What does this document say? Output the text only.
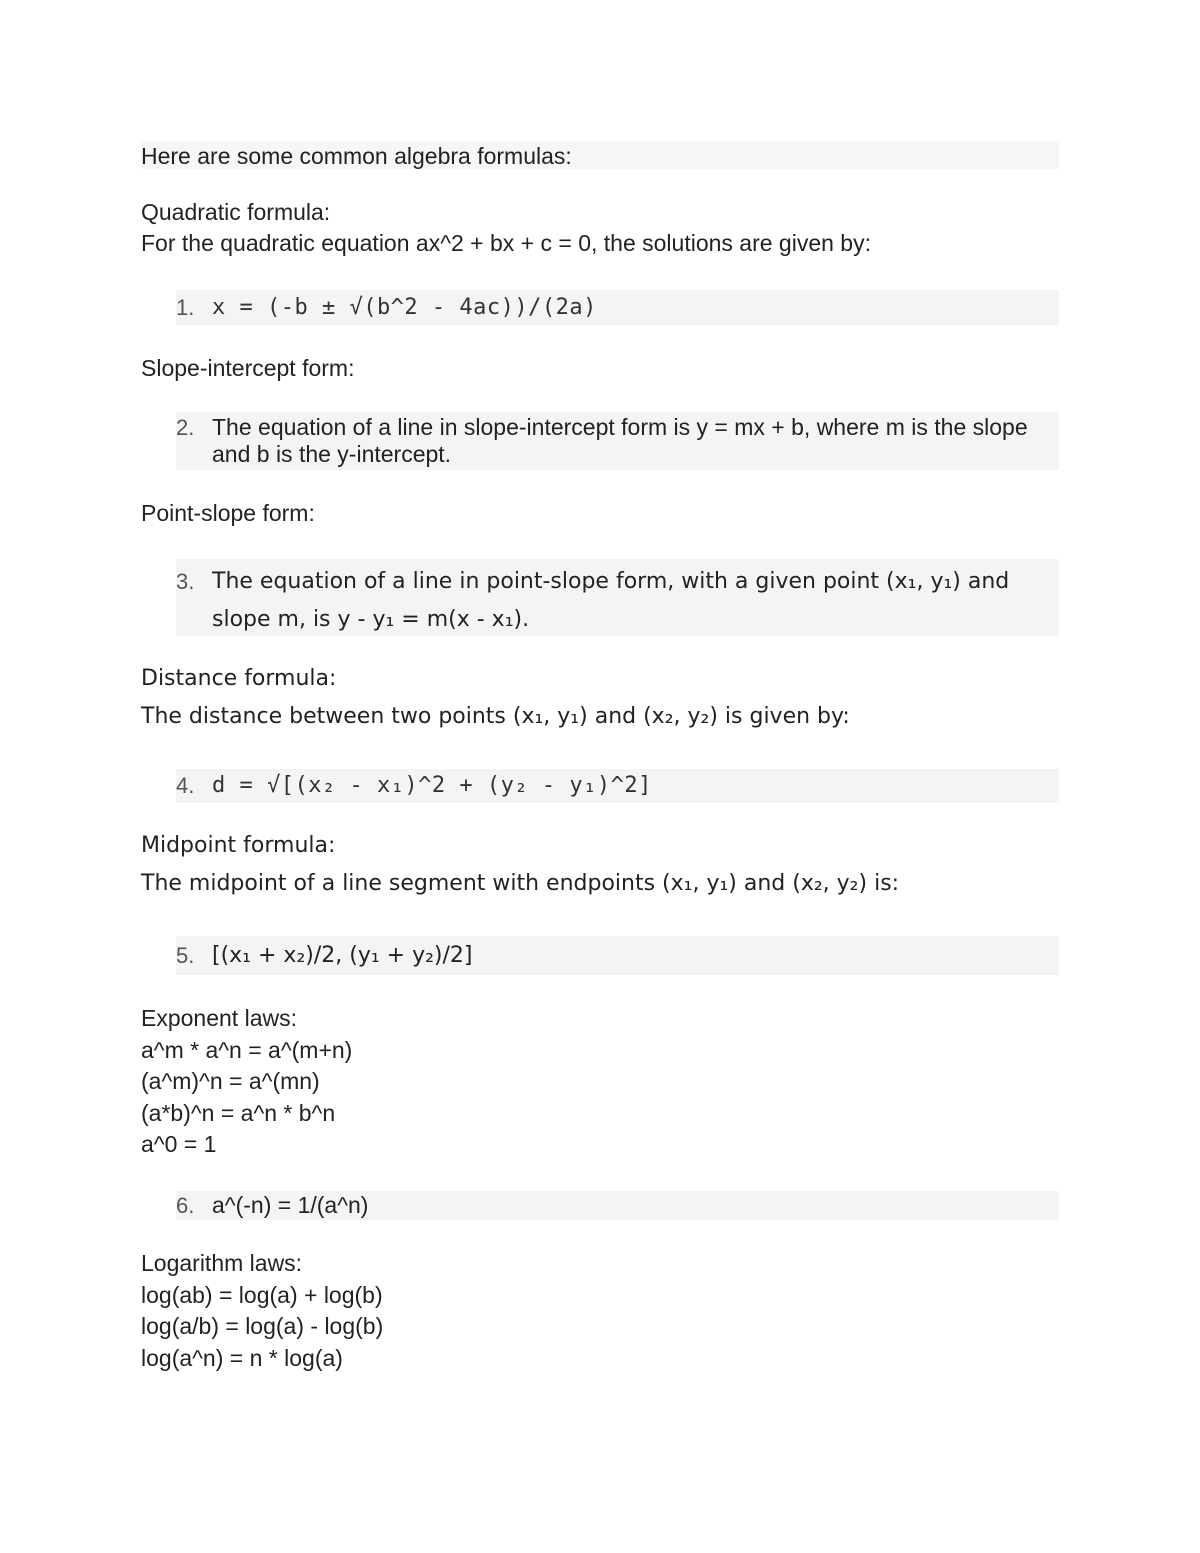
Here are some common algebra formulas:
Quadratic formula:
For the quadratic equation ax^2 + bx + c = 0, the solutions are given by:
1. x = (-b ± √(b^2 - 4ac))/(2a)
Slope-intercept form:
2. The equation of a line in slope-intercept form is y = mx + b, where m is the slope and b is the y-intercept.
Point-slope form:
3. The equation of a line in point-slope form, with a given point (x₁, y₁) and slope m, is y - y₁ = m(x - x₁).
Distance formula:
The distance between two points (x₁, y₁) and (x₂, y₂) is given by:
4. d = √[(x₂ - x₁)^2 + (y₂ - y₁)^2]
Midpoint formula:
The midpoint of a line segment with endpoints (x₁, y₁) and (x₂, y₂) is:
5. [(x₁ + x₂)/2, (y₁ + y₂)/2]
Exponent laws:
a^m * a^n = a^(m+n)
(a^m)^n = a^(mn)
(a*b)^n = a^n * b^n
a^0 = 1
6. a^(-n) = 1/(a^n)
Logarithm laws:
log(ab) = log(a) + log(b)
log(a/b) = log(a) - log(b)
log(a^n) = n * log(a)
